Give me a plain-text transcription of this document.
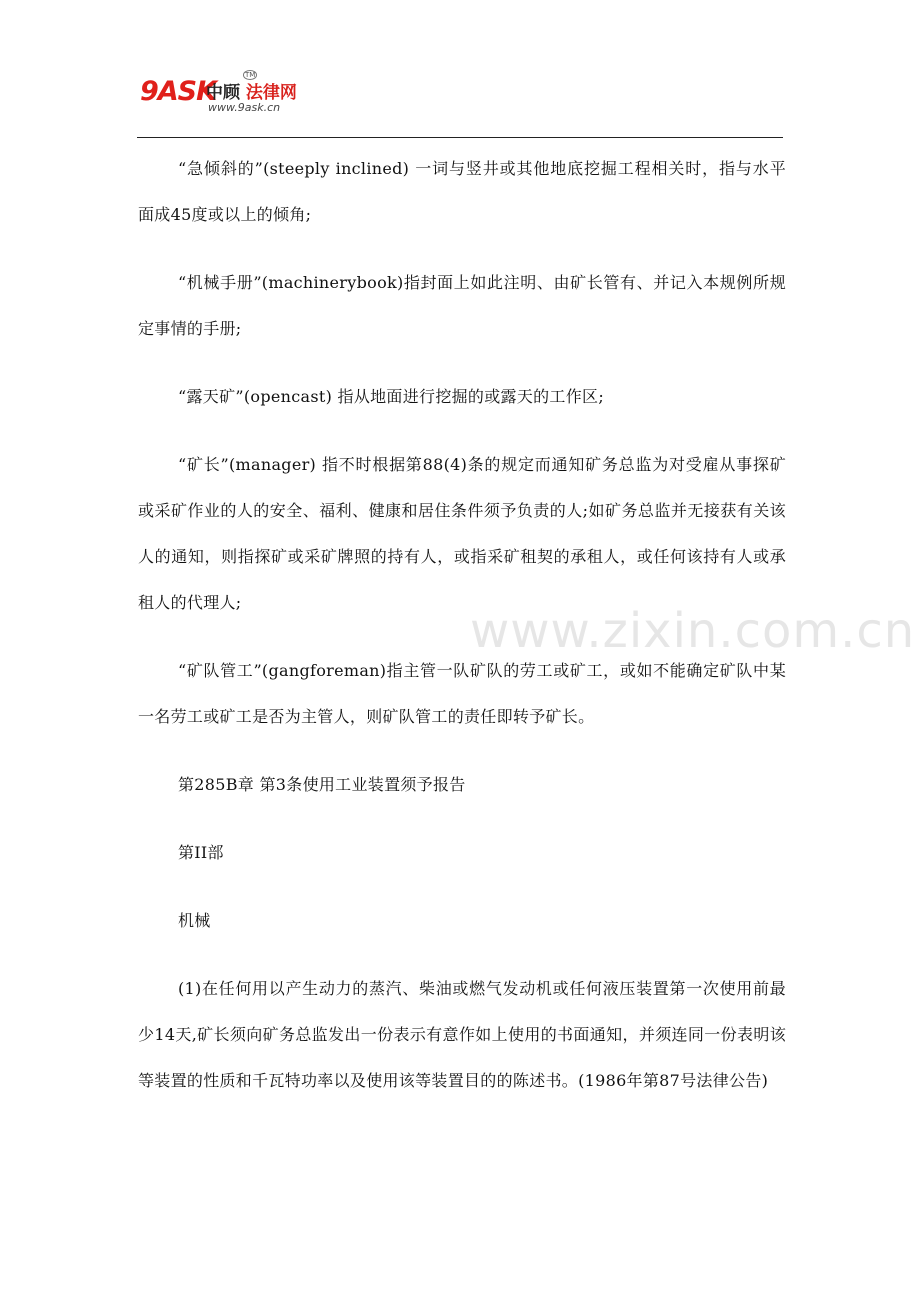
9ASK
中顾 法律网
TM
www.9ask.cn
www.zixin.com.cn

“急倾斜的”(steeply inclined) 一词与竖井或其他地底挖掘工程相关时，指与水平面成45度或以上的倾角;

“机械手册”(machinerybook)指封面上如此注明、由矿长管有、并记入本规例所规定事情的手册;

“露天矿”(opencast) 指从地面进行挖掘的或露天的工作区;

“矿长”(manager) 指不时根据第88(4)条的规定而通知矿务总监为对受雇从事探矿或采矿作业的人的安全、福利、健康和居住条件须予负责的人;如矿务总监并无接获有关该人的通知，则指探矿或采矿牌照的持有人，或指采矿租契的承租人，或任何该持有人或承租人的代理人;

“矿队管工”(gangforeman)指主管一队矿队的劳工或矿工，或如不能确定矿队中某一名劳工或矿工是否为主管人，则矿队管工的责任即转予矿长。

第285B章 第3条使用工业装置须予报告

第II部

机械

(1)在任何用以产生动力的蒸汽、柴油或燃气发动机或任何液压装置第一次使用前最少14天,矿长须向矿务总监发出一份表示有意作如上使用的书面通知，并须连同一份表明该等装置的性质和千瓦特功率以及使用该等装置目的的陈述书。(1986年第87号法律公告)
